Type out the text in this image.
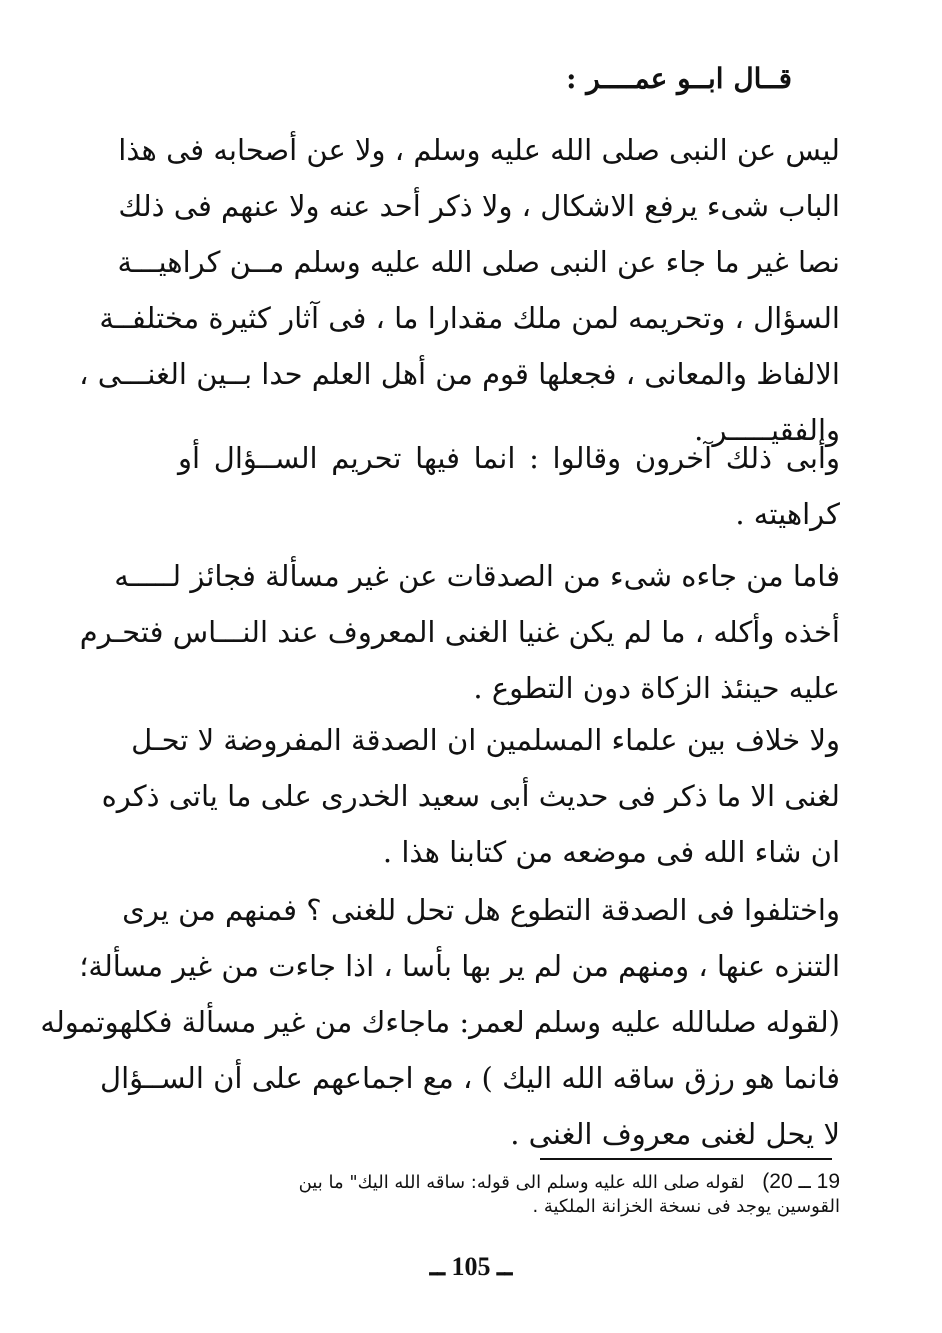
قــال ابــو عمــــر :
ليس عن النبى صلى الله عليه وسلم ، ولا عن أصحابه فى هذا
الباب شىء يرفع الاشكال ، ولا ذكر أحد عنه ولا عنهم فى ذلك
نصا غير ما جاء عن النبى صلى الله عليه وسلم مــن كراهيـــة
السؤال ، وتحريمه لمن ملك مقدارا ما ، فى آثار كثيرة مختلفــة
الالفاظ والمعانى ، فجعلها قوم من أهل العلم حدا بــين الغنـــى ،
والفقيـــــر .
وأبى ذلك آخرون وقالوا : انما فيها تحريم الســؤال أو
كراهيته .
فاما من جاءه شىء من الصدقات عن غير مسألة فجائز لـــــه
أخذه وأكله ، ما لم يكن غنيا الغنى المعروف عند النـــاس فتحـرم
عليه حينئذ الزكاة دون التطوع .
ولا خلاف بين علماء المسلمين ان الصدقة المفروضة لا تحـل
لغنى الا ما ذكر فى حديث أبى سعيد الخدرى على ما ياتى ذكره
ان شاء الله فى موضعه من كتابنا هذا .
واختلفوا فى الصدقة التطوع هل تحل للغنى ؟ فمنهم من يرى
التنزه عنها ، ومنهم من لم ير بها بأسا ، اذا جاءت من غير مسألة؛
(لقوله صلىالله عليه وسلم لعمر: ماجاءك من غير مسألة فكلهوتموله
فانما هو رزق ساقه الله اليك ) ، مع اجماعهم على أن الســؤال
لا يحل لغنى معروف الغنى .
19 ــ 20) لقوله صلى الله عليه وسلم الى قوله: ساقه الله اليك" ما بين
القوسين يوجد فى نسخة الخزانة الملكية .
ــ 105 ــ
